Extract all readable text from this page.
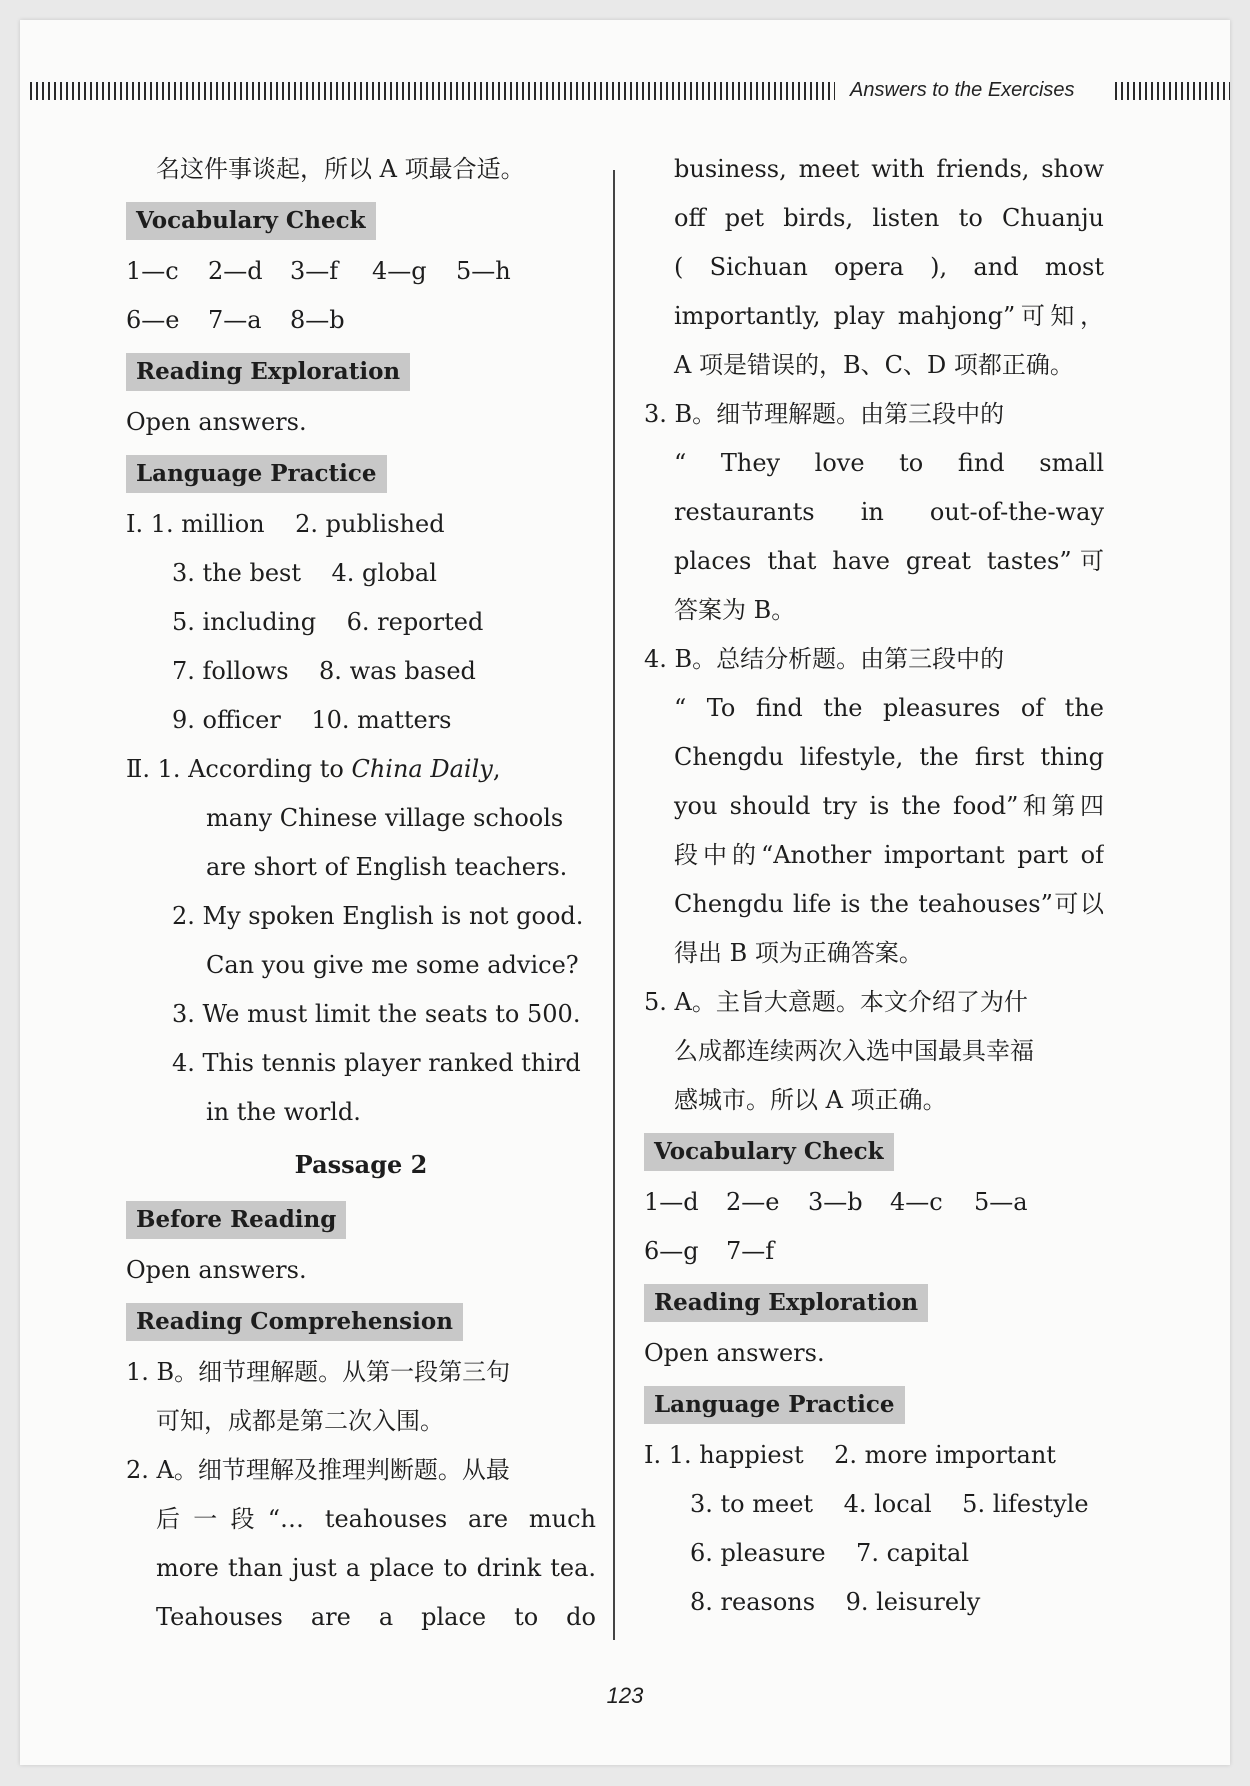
Answers to the Exercises
名这件事谈起，所以 A 项最合适。
Vocabulary Check
1—c 2—d 3—f 4—g 5—h
6—e 7—a 8—b
Reading Exploration
Open answers.
Language Practice
Ⅰ. 1. million    2. published
3. the best    4. global
5. including    6. reported
7. follows    8. was based
9. officer    10. matters
Ⅱ. 1. According to China Daily,
many Chinese village schools
are short of English teachers.
2. My spoken English is not good.
Can you give me some advice?
3. We must limit the seats to 500.
4. This tennis player ranked third
in the world.
Passage 2
Before Reading
Open answers.
Reading Comprehension
1. B。细节理解题。从第一段第三句
可知，成都是第二次入围。
2. A。细节理解及推理判断题。从最
后一段“… teahouses are much
more than just a place to drink tea.
Teahouses are a place to do
business, meet with friends, show
off pet birds, listen to Chuanju
( Sichuan opera ), and most
importantly, play mahjong”可知，
A 项是错误的，B、C、D 项都正确。
3. B。细节理解题。由第三段中的
“ They love to find small
restaurants in out-of-the-way
places that have great tastes”可
答案为 B。
4. B。总结分析题。由第三段中的
“ To find the pleasures of the
Chengdu lifestyle, the first thing
you should try is the food”和第四
段中的“Another important part of
Chengdu life is the teahouses”可以
得出 B 项为正确答案。
5. A。主旨大意题。本文介绍了为什
么成都连续两次入选中国最具幸福
感城市。所以 A 项正确。
Vocabulary Check
1—d 2—e 3—b 4—c 5—a
6—g 7—f
Reading Exploration
Open answers.
Language Practice
Ⅰ. 1. happiest    2. more important
3. to meet    4. local    5. lifestyle
6. pleasure    7. capital
8. reasons    9. leisurely
123
